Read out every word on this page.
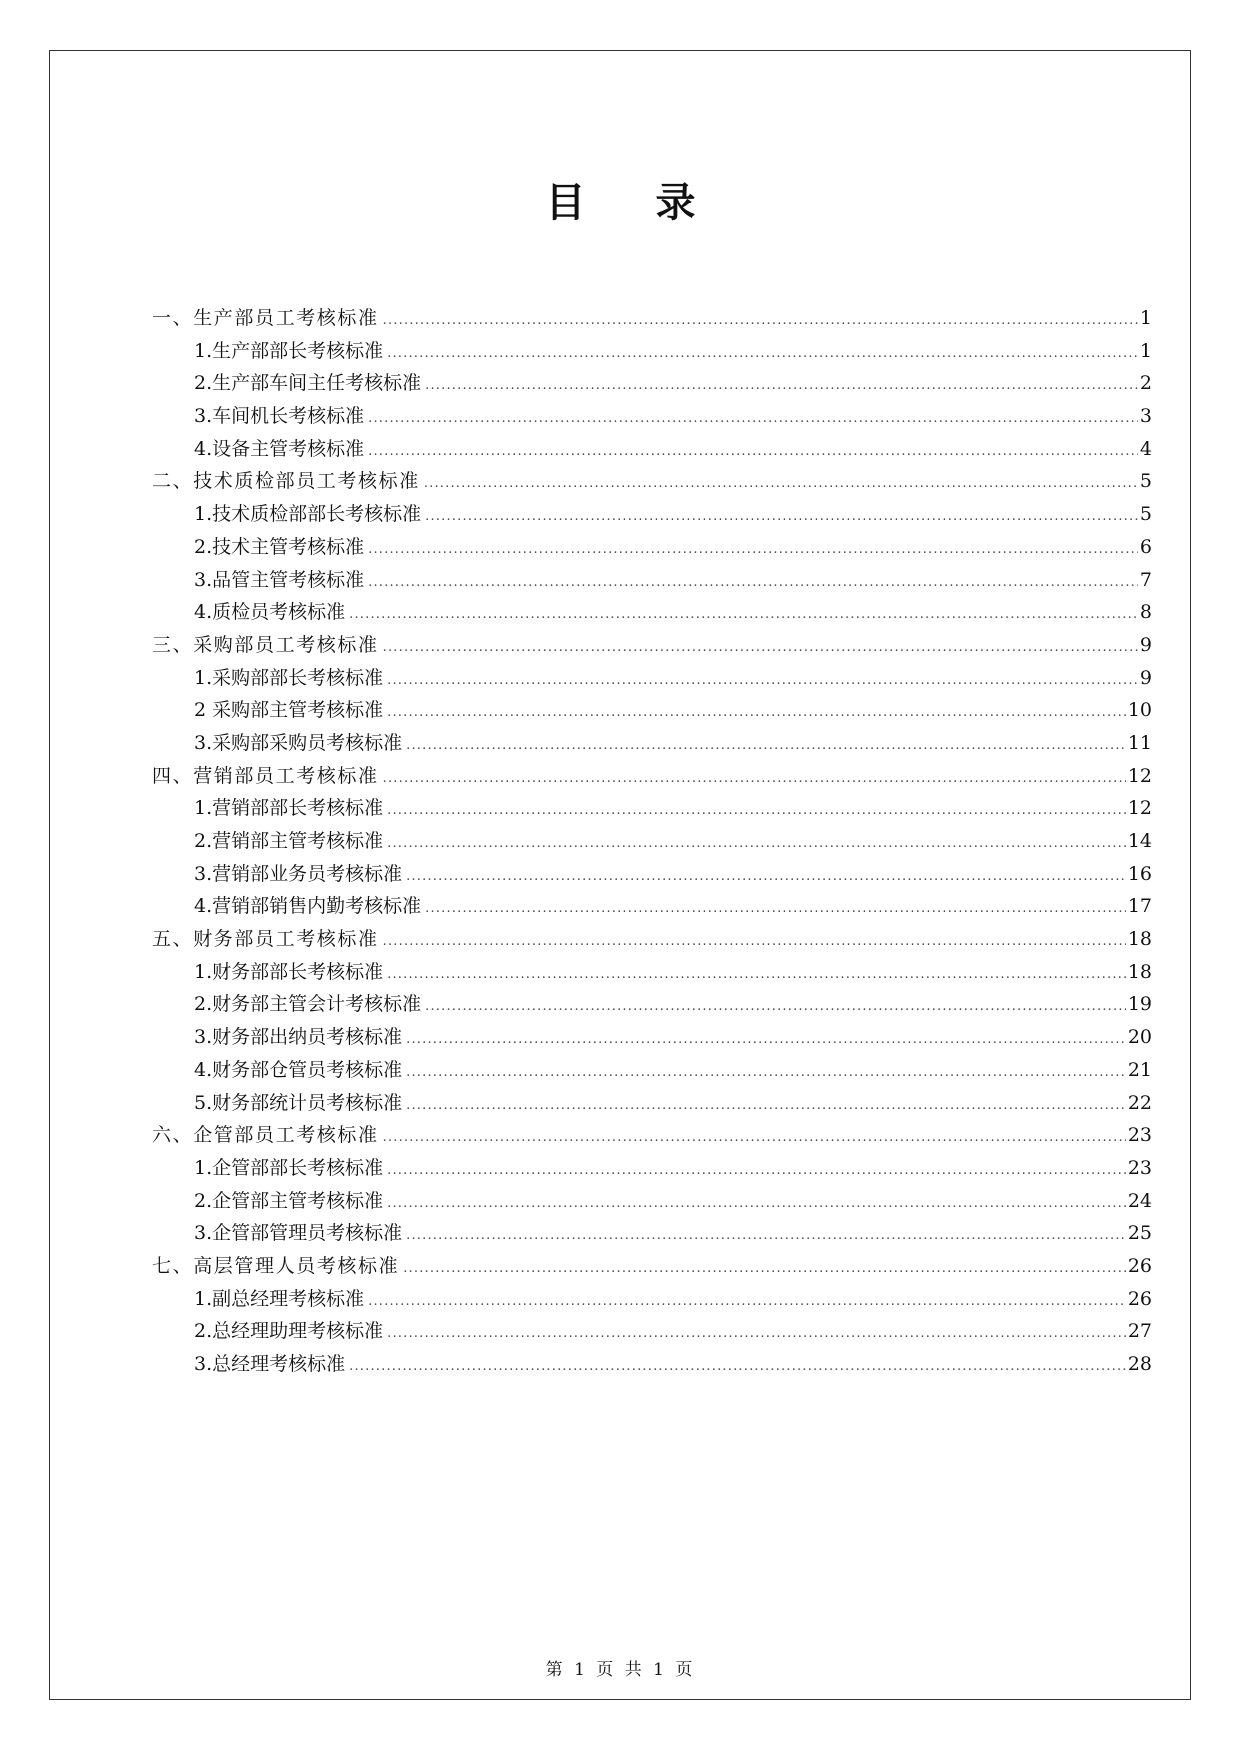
目 录
一、生产部员工考核标准 .....	1
1.生产部部长考核标准 .....	1
2.生产部车间主任考核标准 .....	2
3.车间机长考核标准 .....	3
4.设备主管考核标准 .....	4
二、技术质检部员工考核标准 .....	5
1.技术质检部部长考核标准 .....	5
2.技术主管考核标准 .....	6
3.品管主管考核标准 .....	7
4.质检员考核标准 .....	8
三、采购部员工考核标准 .....	9
1.采购部部长考核标准 .....	9
2 采购部主管考核标准 .....	10
3.采购部采购员考核标准 .....	11
四、营销部员工考核标准 .....	12
1.营销部部长考核标准 .....	12
2.营销部主管考核标准 .....	14
3.营销部业务员考核标准 .....	16
4.营销部销售内勤考核标准 .....	17
五、财务部员工考核标准 .....	18
1.财务部部长考核标准 .....	18
2.财务部主管会计考核标准 .....	19
3.财务部出纳员考核标准 .....	20
4.财务部仓管员考核标准 .....	21
5.财务部统计员考核标准 .....	22
六、企管部员工考核标准 .....	23
1.企管部部长考核标准 .....	23
2.企管部主管考核标准 .....	24
3.企管部管理员考核标准 .....	25
七、高层管理人员考核标准 .....	26
1.副总经理考核标准 .....	26
2.总经理助理考核标准 .....	27
3.总经理考核标准 .....	28
第 1 页 共 1 页
